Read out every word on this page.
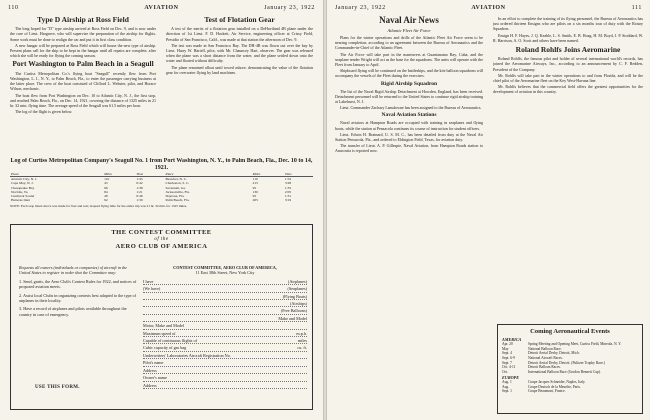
110	AVIATION	January 23, 1922
Type D Airship at Ross Field

The long hoped for "D" type airship arrived at Ross Field on Dec. 9, and is now under the care of Lieut. Hargrave, who will supervise the preparation of the airship for flights. Some work must be done to realign the car and put it in first class condition.

A new hangar will be prepared at Ross Field which will house the new type of airship. Present plans call for the ship to be kept in the hangar until all repairs are complete, after which she will be ready for flying the coming season.

Port Washington to Palm Beach in a Seagull

The Curtiss Metropolitan Co.'s flying boat "Seagull" recently flew from Port Washington, L. I., N. Y., to Palm Beach, Fla., to enter the passenger carrying business at the latter place. The crew of the boat consisted of Clifford L. Webster, pilot, and Horace Wilson, mechanic.

The boat flew from Port Washington on Dec. 10 to Atlantic City, N. J., the first stop, and reached Palm Beach, Fla., on Dec. 14, 1921, covering the distance of 1325 miles in 21 hr. 32 min. flying time. The average speed of the Seagull was 61.5 miles per hour.

The log of the flight is given below.

Test of Flotation Gear

A test of the merits of a flotation gear installed on a DeHaviland 4B plane under the direction of 1st Lieut. F. D. Hackett, Air Service, engineering officer at Crissy Field, Presidio of San Francisco, Calif., was made at that station the afternoon of Dec. 9.

The test was made in San Francisco Bay. The DH-4B was flown out over the bay by Lieut. Harry W. Hartell, pilot, with Mr. Chauncey Hart, observer. The gear was released when the plane was a short distance from the water, and the plane settled down onto the water and floated without difficulty.

The plane remained afloat until towed ashore, demonstrating the value of the flotation gear for overwater flying by land machines.

Log of Curtiss Metropolitan Company's Seagull No. 1 from Port Washington, N. Y., to Palm Beach, Fla., Dec. 10 to 14, 1921.
Place	Miles	Time	Place	Miles	Time
Atlantic City, N. J.	110	1:45	Beaufort, N. C.	110	1:52
Cape May, N. J.	45	0:42	Charleston, S. C.	215	3:28
Chesapeake Bay	96	1:38	Savannah, Ga.	95	1:35
Norfolk, Va.	84	1:21	Jacksonville, Fla.	130	2:05
Currituck Sound	48	0:46	Daytona, Fla.	95	1:31
Hatteras Inlet	92	1:30	Palm Beach, Fla.	205	3:19
NOTE: Each stop listed above was made for fuel and rest; elapsed flying time for the entire trip was 21 hr. 32 min. for 1325 miles.
THE CONTEST COMMITTEE
of the
AERO CLUB OF AMERICA
Requests all owners (individuals or companies) of aircraft in the United States to register in order that the Committee may:
1. Send, gratis, the Aero Club's Contest Rules for 1922, and notices of proposed aviation meets.
2. Assist local Clubs in organizing contests best adapted to the type of airplanes in their locality.
3. Have a record of airplanes and pilots available throughout the country in case of emergency.
USE THIS FORM.
CONTEST COMMITTEE, AERO CLUB OF AMERICA,
11 East 38th Street, New York City
I have	(Airplanes)
(We have)	(Seaplanes)
(Flying Boats)
(Airships)
(Free Balloons)
Make and Model
Motor, Make and Model
Maximum speed of	m.p.h.
Capable of continuous flights of	miles
Cubic capacity of gas bag	cu. ft.
Underwriters' Laboratories Aircraft Registration No.
Pilot's name
Address
Owner's name
Address
January 23, 1922	AVIATION	111
Naval Air News
Atlantic Fleet Air Force

Plans for the winter operations and drills of the Atlantic Fleet Air Force seem to be nearing completion, according to an agreement between the Bureau of Aeronautics and the Commander-in-Chief of the Atlantic Fleet.

The Air Force will take part in the maneuvers at Guantanamo Bay, Cuba, and the seaplane tender Wright will act as the base for the squadrons. The units will operate with the Fleet from January to April.

Shipboard flying will be continued on the battleships, and the kite balloon squadrons will accompany the vessels of the Fleet during the exercises.

Rigid Airship Squadron

The list of the Naval Rigid Airship Detachment at Howden, England, has been received. Detachment personnel will be returned to the United States to continue rigid airship training at Lakehurst, N. J.

Lieut. Commander Zachary Lansdowne has been assigned to the Bureau of Aeronautics.

Naval Aviation Stations

Naval aviators at Hampton Roads are occupied with training in seaplanes and flying boats, while the station at Pensacola continues its course of instruction for student officers.

Lieut. Edwin H. Brainard, U. S. M. C., has been detailed from duty at the Naval Air Station Pensacola, Fla., and ordered to Eldington Field, Texas, for aviation duty.

The transfer of Lieut. A. P. Gillespie, Naval Aviation, from Hampton Roads station to Anacostia is reported now.

In an effort to complete the training of its flying personnel, the Bureau of Aeronautics has just ordered thirteen Ensigns who are pilots on a six months tour of duty with the Rotary Squadron.

Ensign H. F. Hayes, J. Q. Keable, L. S. Smith, E. B. Hoag, H. M. Boyd, J. P. Stoddard, W. R. Harrison, A. O. Scott and others have been named.

Roland Rohlfs Joins Aeromarine

Roland Rohlfs, the famous pilot and holder of several international world's records, has joined the Aeromarine Airways, Inc., according to an announcement by C. F. Redden, President of the Company.

Mr. Rohlfs will take part in the winter operations to and from Florida, and will be the chief pilot of the Aeromarine fleet on the Key West-Havana line.

Mr. Rohlfs believes that the commercial field offers the greatest opportunities for the development of aviation in this country.

Coming Aeronautical Events
AMERICA
Apr. 20	Spring Meeting and Opening Meet, Curtiss Field, Mineola, N. Y.
May	National Balloon Race.
Sept. 4	Detroit Aerial Derby, Detroit, Mich.
Sept. 6-9	National Aircraft Races.
Sept. 7	Detroit Aerial Derby, Detroit. (Pulitzer Trophy Race.)
Oct. 4-11	Detroit Balloon Races.
Oct.	International Balloon Race (Gordon Bennett Cup).
EUROPE
Aug. 1	Coupe Jacques Schneider, Naples, Italy.
Aug.	Coupe Deutsch de la Meurthe, Paris.
Sept. 1	Coupe Beaumont, France.
